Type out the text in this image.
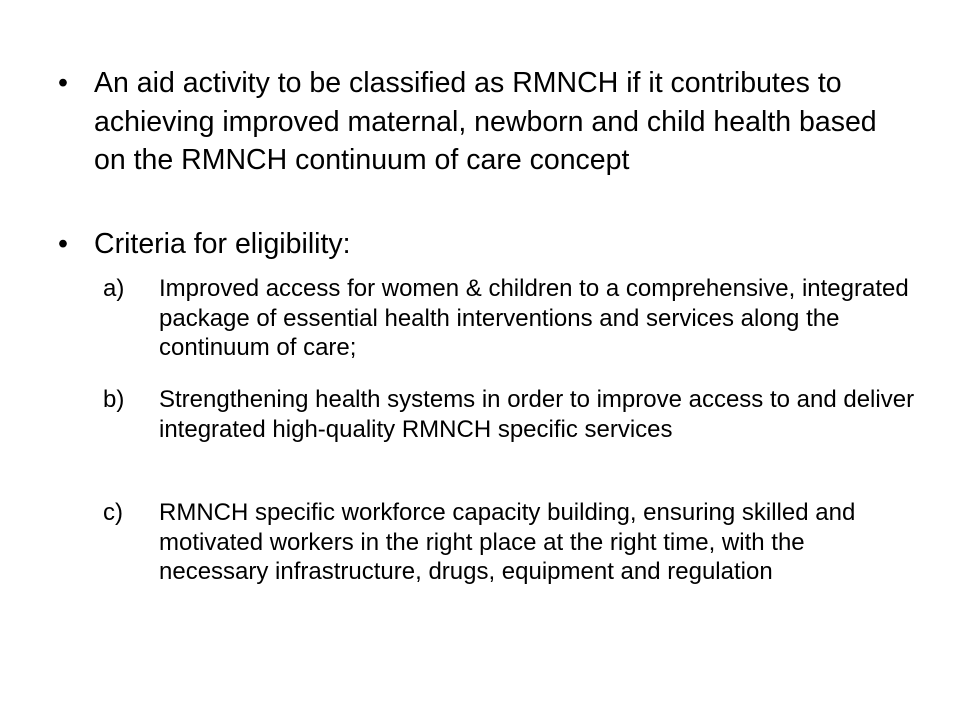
• An aid activity to be classified as RMNCH if it contributes to achieving improved maternal, newborn and child health based on the RMNCH continuum of care concept
• Criteria for eligibility:
a)	Improved access for women & children to a comprehensive, integrated package of essential health interventions and services along the continuum of care;
b)	Strengthening health systems in order to improve access to and deliver integrated high-quality RMNCH specific services
c)	RMNCH specific workforce capacity building, ensuring skilled and motivated workers in the right place at the right time, with the necessary infrastructure, drugs, equipment and regulation
